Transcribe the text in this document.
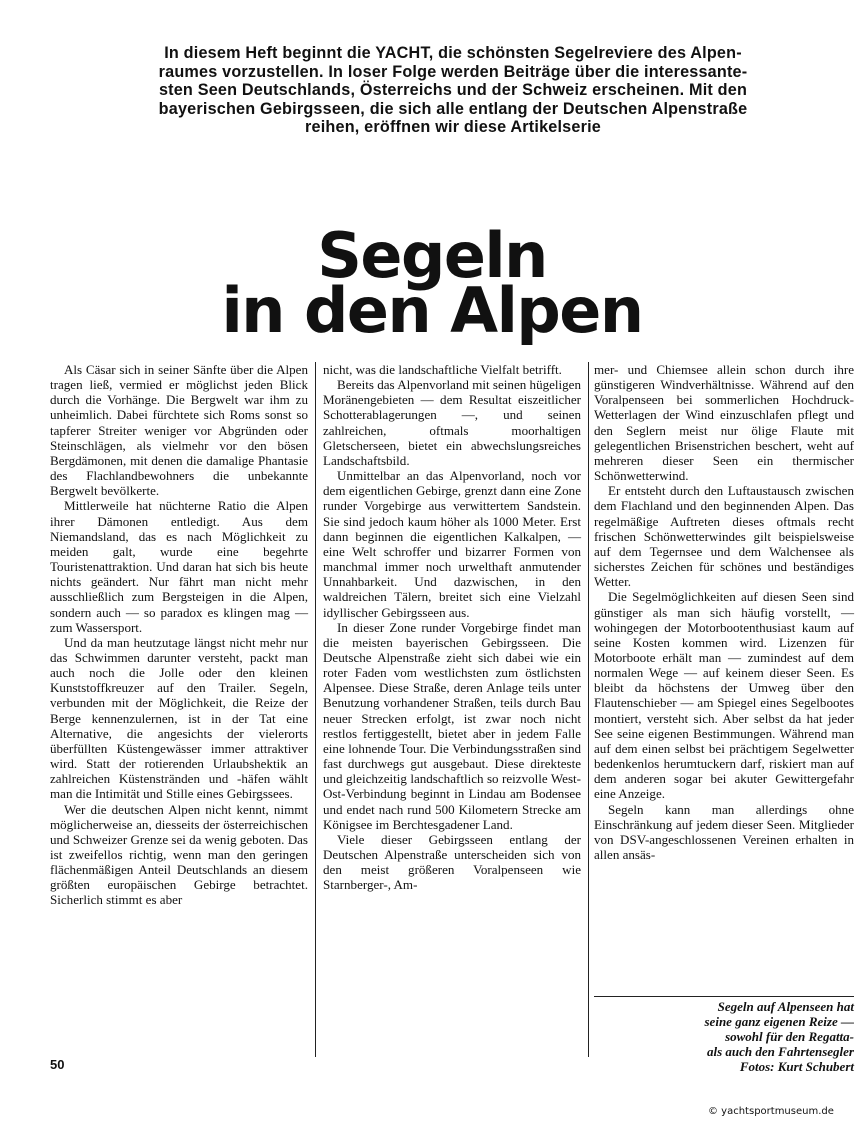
In diesem Heft beginnt die YACHT, die schönsten Segelreviere des Alpen-
raumes vorzustellen. In loser Folge werden Beiträge über die interessante-
sten Seen Deutschlands, Österreichs und der Schweiz erscheinen. Mit den
bayerischen Gebirgsseen, die sich alle entlang der Deutschen Alpenstraße
reihen, eröffnen wir diese Artikelserie
Segeln
in den Alpen

Als Cäsar sich in seiner Sänfte über die Alpen tragen ließ, vermied er möglichst jeden Blick durch die Vorhänge. Die Bergwelt war ihm zu unheimlich. Dabei fürchtete sich Roms sonst so tapferer Streiter weniger vor Abgründen oder Steinschlägen, als vielmehr vor den bösen Bergdämonen, mit denen die damalige Phantasie des Flachlandbewohners die unbekannte Bergwelt bevölkerte.

Mittlerweile hat nüchterne Ratio die Alpen ihrer Dämonen entledigt. Aus dem Niemandsland, das es nach Möglichkeit zu meiden galt, wurde eine begehrte Touristenattraktion. Und daran hat sich bis heute nichts geändert. Nur fährt man nicht mehr ausschließlich zum Bergsteigen in die Alpen, sondern auch — so paradox es klingen mag — zum Wassersport.

Und da man heutzutage längst nicht mehr nur das Schwimmen darunter versteht, packt man auch noch die Jolle oder den kleinen Kunststoffkreuzer auf den Trailer. Segeln, verbunden mit der Möglichkeit, die Reize der Berge kennenzulernen, ist in der Tat eine Alternative, die angesichts der vielerorts überfüllten Küstengewässer immer attraktiver wird. Statt der rotierenden Urlaubshektik an zahlreichen Küstenstränden und -häfen wählt man die Intimität und Stille eines Gebirgssees.

Wer die deutschen Alpen nicht kennt, nimmt möglicherweise an, diesseits der österreichischen und Schweizer Grenze sei da wenig geboten. Das ist zweifellos richtig, wenn man den geringen flächenmäßigen Anteil Deutschlands an diesem größten europäischen Gebirge betrachtet. Sicherlich stimmt es aber

nicht, was die landschaftliche Vielfalt betrifft.

Bereits das Alpenvorland mit seinen hügeligen Moränengebieten — dem Resultat eiszeitlicher Schotterablagerungen —, und seinen zahlreichen, oftmals moorhaltigen Gletscherseen, bietet ein abwechslungsreiches Landschaftsbild.

Unmittelbar an das Alpenvorland, noch vor dem eigentlichen Gebirge, grenzt dann eine Zone runder Vorgebirge aus verwittertem Sandstein. Sie sind jedoch kaum höher als 1000 Meter. Erst dann beginnen die eigentlichen Kalkalpen, — eine Welt schroffer und bizarrer Formen von manchmal immer noch urwelthaft anmutender Unnahbarkeit. Und dazwischen, in den waldreichen Tälern, breitet sich eine Vielzahl idyllischer Gebirgsseen aus.

In dieser Zone runder Vorgebirge findet man die meisten bayerischen Gebirgsseen. Die Deutsche Alpenstraße zieht sich dabei wie ein roter Faden vom westlichsten zum östlichsten Alpensee. Diese Straße, deren Anlage teils unter Benutzung vorhandener Straßen, teils durch Bau neuer Strecken erfolgt, ist zwar noch nicht restlos fertiggestellt, bietet aber in jedem Falle eine lohnende Tour. Die Verbindungsstraßen sind fast durchwegs gut ausgebaut. Diese direkteste und gleichzeitig landschaftlich so reizvolle West-Ost-Verbindung beginnt in Lindau am Bodensee und endet nach rund 500 Kilometern Strecke am Königsee im Berchtesgadener Land.

Viele dieser Gebirgsseen entlang der Deutschen Alpenstraße unterscheiden sich von den meist größeren Voralpenseen wie Starnberger-, Am-

mer- und Chiemsee allein schon durch ihre günstigeren Windverhältnisse. Während auf den Voralpenseen bei sommerlichen Hochdruck-Wetterlagen der Wind einzuschlafen pflegt und den Seglern meist nur ölige Flaute mit gelegentlichen Brisenstrichen beschert, weht auf mehreren dieser Seen ein thermischer Schönwetterwind.

Er entsteht durch den Luftaustausch zwischen dem Flachland und den beginnenden Alpen. Das regelmäßige Auftreten dieses oftmals recht frischen Schönwetterwindes gilt beispielsweise auf dem Tegernsee und dem Walchensee als sicherstes Zeichen für schönes und beständiges Wetter.

Die Segelmöglichkeiten auf diesen Seen sind günstiger als man sich häufig vorstellt, — wohingegen der Motorbootenthusiast kaum auf seine Kosten kommen wird. Lizenzen für Motorboote erhält man — zumindest auf dem normalen Wege — auf keinem dieser Seen. Es bleibt da höchstens der Umweg über den Flautenschieber — am Spiegel eines Segelbootes montiert, versteht sich. Aber selbst da hat jeder See seine eigenen Bestimmungen. Während man auf dem einen selbst bei prächtigem Segelwetter bedenkenlos herumtuckern darf, riskiert man auf dem anderen sogar bei akuter Gewittergefahr eine Anzeige.

Segeln kann man allerdings ohne Einschränkung auf jedem dieser Seen. Mitglieder von DSV-angeschlossenen Vereinen erhalten in allen ansäs-

Segeln auf Alpenseen hat
seine ganz eigenen Reize —
sowohl für den Regatta-
als auch den Fahrtensegler
Fotos: Kurt Schubert
50
© yachtsportmuseum.de
